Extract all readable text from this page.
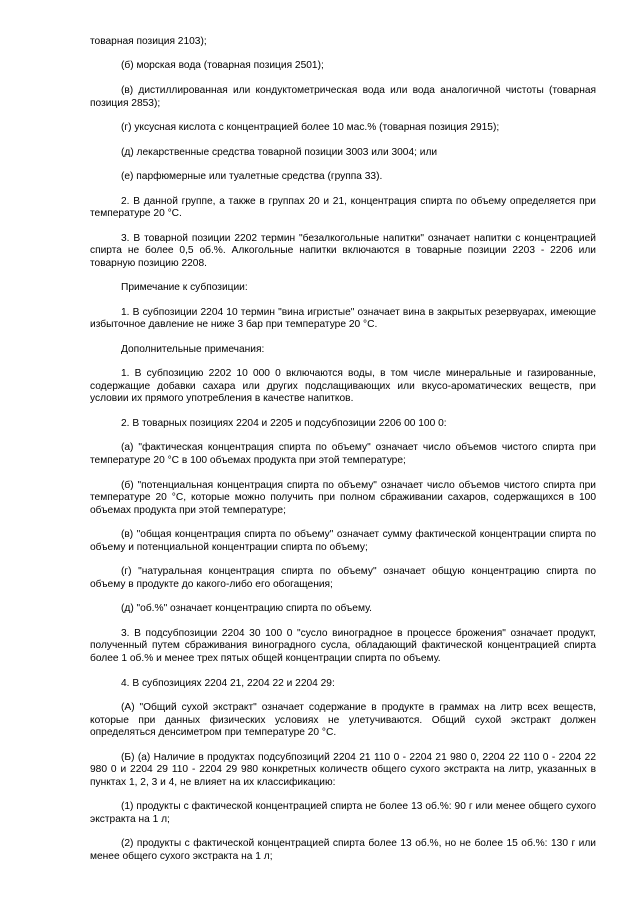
товарная позиция 2103);

(б) морская вода (товарная позиция 2501);

(в) дистиллированная или кондуктометрическая вода или вода аналогичной чистоты (товарная позиция 2853);

(г) уксусная кислота с концентрацией более 10 мас.% (товарная позиция 2915);

(д) лекарственные средства товарной позиции 3003 или 3004; или

(е) парфюмерные или туалетные средства (группа 33).

2. В данной группе, а также в группах 20 и 21, концентрация спирта по объему определяется при температуре 20 °С.

3. В товарной позиции 2202 термин "безалкогольные напитки" означает напитки с концентрацией спирта не более 0,5 об.%. Алкогольные напитки включаются в товарные позиции 2203 - 2206 или товарную позицию 2208.

Примечание к субпозиции:

1. В субпозиции 2204 10 термин "вина игристые" означает вина в закрытых резервуарах, имеющие избыточное давление не ниже 3 бар при температуре 20 °С.

Дополнительные примечания:

1. В субпозицию 2202 10 000 0 включаются воды, в том числе минеральные и газированные, содержащие добавки сахара или других подслащивающих или вкусо-ароматических веществ, при условии их прямого употребления в качестве напитков.

2. В товарных позициях 2204 и 2205 и подсубпозиции 2206 00 100 0:

(а) "фактическая концентрация спирта по объему" означает число объемов чистого спирта при температуре 20 °С в 100 объемах продукта при этой температуре;

(б) "потенциальная концентрация спирта по объему" означает число объемов чистого спирта при температуре 20 °С, которые можно получить при полном сбраживании сахаров, содержащихся в 100 объемах продукта при этой температуре;

(в) "общая концентрация спирта по объему" означает сумму фактической концентрации спирта по объему и потенциальной концентрации спирта по объему;

(г) "натуральная концентрация спирта по объему" означает общую концентрацию спирта по объему в продукте до какого-либо его обогащения;

(д) "об.%" означает концентрацию спирта по объему.

3. В подсубпозиции 2204 30 100 0 "сусло виноградное в процессе брожения" означает продукт, полученный путем сбраживания виноградного сусла, обладающий фактической концентрацией спирта более 1 об.% и менее трех пятых общей концентрации спирта по объему.

4. В субпозициях 2204 21, 2204 22 и 2204 29:

(А) "Общий сухой экстракт" означает содержание в продукте в граммах на литр всех веществ, которые при данных физических условиях не улетучиваются. Общий сухой экстракт должен определяться денсиметром при температуре 20 °С.

(Б) (а) Наличие в продуктах подсубпозиций 2204 21 110 0 - 2204 21 980 0, 2204 22 110 0 - 2204 22 980 0 и 2204 29 110 - 2204 29 980 конкретных количеств общего сухого экстракта на литр, указанных в пунктах 1, 2, 3 и 4, не влияет на их классификацию:

(1) продукты с фактической концентрацией спирта не более 13 об.%: 90 г или менее общего сухого экстракта на 1 л;

(2) продукты с фактической концентрацией спирта более 13 об.%, но не более 15 об.%: 130 г или менее общего сухого экстракта на 1 л;
